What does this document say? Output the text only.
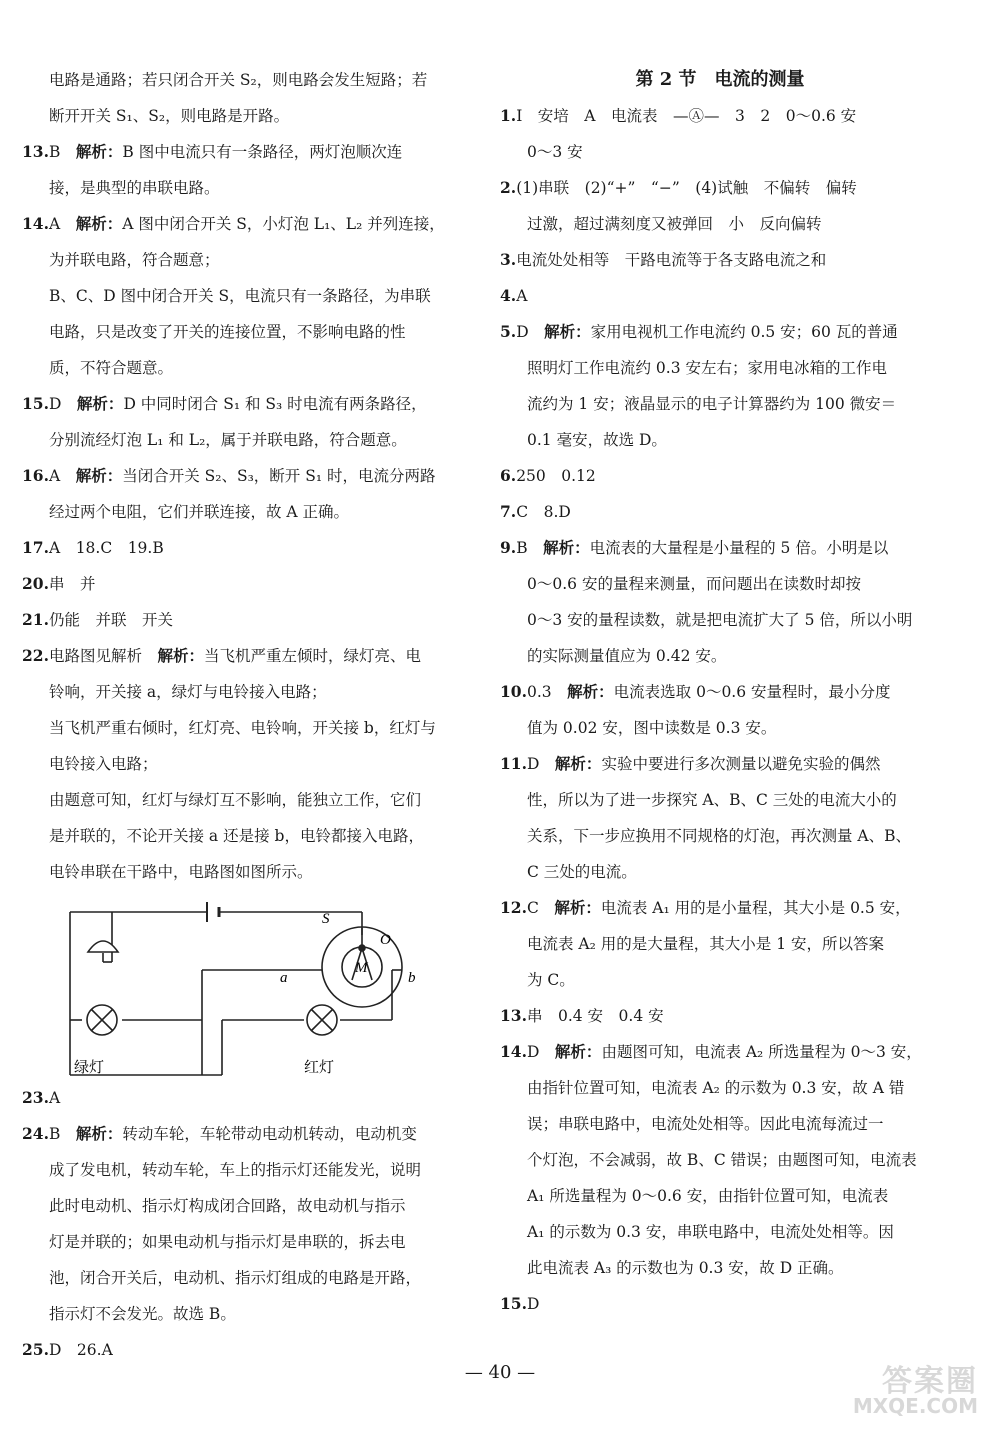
电路是通路；若只闭合开关 S₂，则电路会发生短路；若
断开开关 S₁、S₂，则电路是开路。
13.B　 解析：B 图中电流只有一条路径，两灯泡顺次连
接，是典型的串联电路。
14.A　 解析：A 图中闭合开关 S，小灯泡 L₁、L₂ 并列连接，
为并联电路，符合题意；
B、C、D 图中闭合开关 S，电流只有一条路径，为串联
电路，只是改变了开关的连接位置，不影响电路的性
质，不符合题意。
15.D　 解析：D 中同时闭合 S₁ 和 S₃ 时电流有两条路径，
分别流经灯泡 L₁ 和 L₂，属于并联电路，符合题意。
16.A　 解析：当闭合开关 S₂、S₃，断开 S₁ 时，电流分两路
经过两个电阻，它们并联连接，故 A 正确。
17.A　 18.C　19.B
20.串　并
21.仍能　并联　开关
22.电路图见解析　 解析：当飞机严重左倾时，绿灯亮、电
铃响，开关接 a，绿灯与电铃接入电路；
当飞机严重右倾时，红灯亮、电铃响，开关接 b，红灯与
电铃接入电路；
由题意可知，红灯与绿灯互不影响，能独立工作，它们
是并联的，不论开关接 a 还是接 b，电铃都接入电路，
电铃串联在干路中，电路图如图所示。
S
O
M
a	b
绿灯	红灯
23.A
24.B　 解析：转动车轮，车轮带动电动机转动，电动机变
成了发电机，转动车轮，车上的指示灯还能发光，说明
此时电动机、指示灯构成闭合回路，故电动机与指示
灯是并联的；如果电动机与指示灯是串联的，拆去电
池，闭合开关后，电动机、指示灯组成的电路是开路，
指示灯不会发光。故选 B。
25.D　 26.A
第 2 节　电流的测量
1.I　安培　A　电流表　—Ⓐ—　3　2　0～0.6 安
0～3 安
2.(1)串联　(2)“+”　“−”　(4)试触　不偏转　偏转
过激，超过满刻度又被弹回　小　反向偏转
3.电流处处相等　干路电流等于各支路电流之和
4.A
5.D　 解析：家用电视机工作电流约 0.5 安；60 瓦的普通
照明灯工作电流约 0.3 安左右；家用电冰箱的工作电
流约为 1 安；液晶显示的电子计算器约为 100 微安＝
0.1 毫安，故选 D。
6.250　0.12
7.C　 8.D
9.B　 解析：电流表的大量程是小量程的 5 倍。小明是以
0～0.6 安的量程来测量，而问题出在读数时却按
0～3 安的量程读数，就是把电流扩大了 5 倍，所以小明
的实际测量值应为 0.42 安。
10.0.3　 解析：电流表选取 0～0.6 安量程时，最小分度
值为 0.02 安，图中读数是 0.3 安。
11.D　 解析：实验中要进行多次测量以避免实验的偶然
性，所以为了进一步探究 A、B、C 三处的电流大小的
关系，下一步应换用不同规格的灯泡，再次测量 A、B、
C 三处的电流。
12.C　 解析：电流表 A₁ 用的是小量程，其大小是 0.5 安，
电流表 A₂ 用的是大量程，其大小是 1 安，所以答案
为 C。
13.串　0.4 安　0.4 安
14.D　 解析：由题图可知，电流表 A₂ 所选量程为 0～3 安，
由指针位置可知，电流表 A₂ 的示数为 0.3 安，故 A 错
误；串联电路中，电流处处相等。因此电流每流过一
个灯泡，不会减弱，故 B、C 错误；由题图可知，电流表
A₁ 所选量程为 0～0.6 安，由指针位置可知，电流表
A₁ 的示数为 0.3 安，串联电路中，电流处处相等。因
此电流表 A₃ 的示数也为 0.3 安，故 D 正确。
15.D
— 40 —	答案圈
MXQE.COM
